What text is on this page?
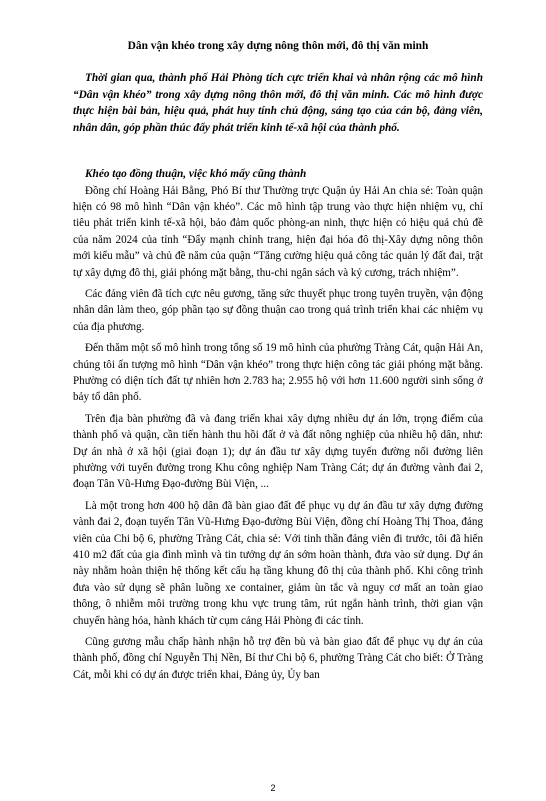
Dân vận khéo trong xây dựng nông thôn mới, đô thị văn minh
Thời gian qua, thành phố Hải Phòng tích cực triển khai và nhân rộng các mô hình “Dân vận khéo” trong xây dựng nông thôn mới, đô thị văn minh. Các mô hình được thực hiện bài bản, hiệu quả, phát huy tính chủ động, sáng tạo của cán bộ, đảng viên, nhân dân, góp phần thúc đẩy phát triển kinh tế-xã hội của thành phố.
Khéo tạo đồng thuận, việc khó mấy cũng thành
Đồng chí Hoàng Hải Bằng, Phó Bí thư Thường trực Quận ủy Hải An chia sẻ: Toàn quận hiện có 98 mô hình “Dân vận khéo”. Các mô hình tập trung vào thực hiện nhiệm vụ, chỉ tiêu phát triển kinh tế-xã hội, bảo đảm quốc phòng-an ninh, thực hiện có hiệu quả chủ đề của năm 2024 của tỉnh “Đẩy mạnh chỉnh trang, hiện đại hóa đô thị-Xây dựng nông thôn mới kiểu mẫu” và chủ đề năm của quận “Tăng cường hiệu quả công tác quản lý đất đai, trật tự xây dựng đô thị, giải phóng mặt bằng, thu-chi ngân sách và kỷ cương, trách nhiệm”.
Các đảng viên đã tích cực nêu gương, tăng sức thuyết phục trong tuyên truyền, vận động nhân dân làm theo, góp phần tạo sự đồng thuận cao trong quá trình triển khai các nhiệm vụ của địa phương.
Đến thăm một số mô hình trong tổng số 19 mô hình của phường Tràng Cát, quận Hải An, chúng tôi ấn tượng mô hình “Dân vận khéo” trong thực hiện công tác giải phóng mặt bằng. Phường có diện tích đất tự nhiên hơn 2.783 ha; 2.955 hộ với hơn 11.600 người sinh sống ở bảy tổ dân phố.
Trên địa bàn phường đã và đang triển khai xây dựng nhiều dự án lớn, trọng điểm của thành phố và quận, cần tiến hành thu hồi đất ở và đất nông nghiệp của nhiều hộ dân, như: Dự án nhà ở xã hội (giai đoạn 1); dự án đầu tư xây dựng tuyến đường nối đường liên phường với tuyến đường trong Khu công nghiệp Nam Tràng Cát; dự án đường vành đai 2, đoạn Tân Vũ-Hưng Đạo-đường Bùi Viện, ...
Là một trong hơn 400 hộ dân đã bàn giao đất để phục vụ dự án đầu tư xây dựng đường vành đai 2, đoạn tuyến Tân Vũ-Hưng Đạo-đường Bùi Viện, đồng chí Hoàng Thị Thoa, đảng viên của Chi bộ 6, phường Tràng Cát, chia sẻ: Với tinh thần đảng viên đi trước, tôi đã hiến 410 m2 đất của gia đình mình và tin tưởng dự án sớm hoàn thành, đưa vào sử dụng. Dự án này nhằm hoàn thiện hệ thống kết cấu hạ tầng khung đô thị của thành phố. Khi công trình đưa vào sử dụng sẽ phân luồng xe container, giảm ùn tắc và nguy cơ mất an toàn giao thông, ô nhiễm môi trường trong khu vực trung tâm, rút ngắn hành trình, thời gian vận chuyển hàng hóa, hành khách từ cụm cảng Hải Phòng đi các tỉnh.
Cũng gương mẫu chấp hành nhận hỗ trợ đền bù và bàn giao đất để phục vụ dự án của thành phố, đồng chí Nguyễn Thị Nền, Bí thư Chi bộ 6, phường Tràng Cát cho biết: Ở Tràng Cát, mỗi khi có dự án được triển khai, Đảng ủy, Ủy ban
2
